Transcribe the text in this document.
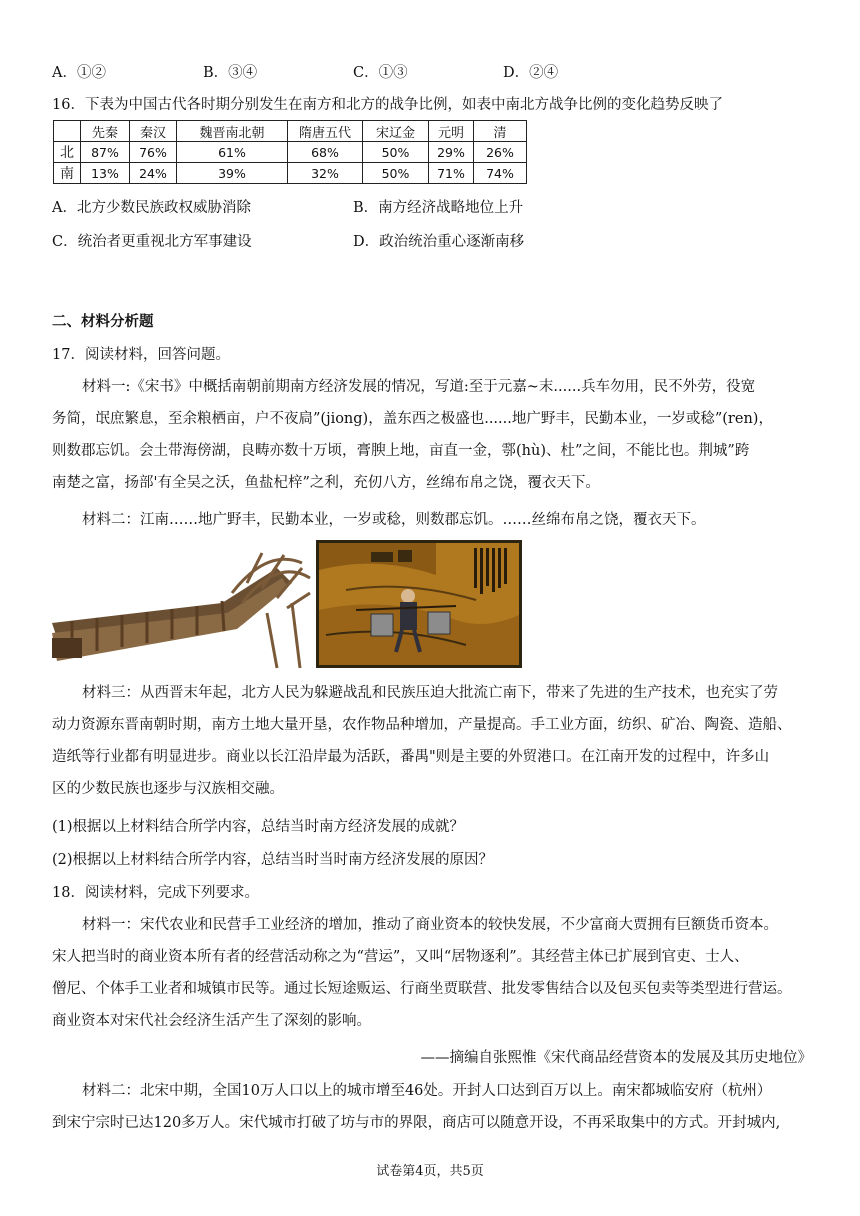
A．①②	B．③④	C．①③	D．②④
16．下表为中国古代各时期分别发生在南方和北方的战争比例，如表中南北方战争比例的变化趋势反映了
	先秦	秦汉	魏晋南北朝	隋唐五代	宋辽金	元明	清
北	87%	76%	61%	68%	50%	29%	26%
南	13%	24%	39%	32%	50%	71%	74%
A．北方少数民族政权威胁消除	B．南方经济战略地位上升
C．统治者更重视北方军事建设	D．政治统治重心逐渐南移
二、材料分析题
17．阅读材料，回答问题。
材料一:《宋书》中概括南朝前期南方经济发展的情况，写道:至于元嘉~末......兵车勿用，民不外劳，役宽
务简，氓庶繁息，至余粮栖亩，户不夜扃”(jiong)，盖东西之极盛也......地广野丰，民勤本业，一岁或稔”(ren)，
则数郡忘饥。会土带海傍湖，良畴亦数十万顷，膏腴上地，亩直一金，鄠(hù)、杜”之间，不能比也。荆城”跨
南楚之富，扬部'有全吴之沃，鱼盐杞梓”之利，充仞八方，丝绵布帛之饶，覆衣天下。
材料二：江南……地广野丰，民勤本业，一岁或稔，则数郡忘饥。……丝绵布帛之饶，覆衣天下。
材料三：从西晋末年起，北方人民为躲避战乱和民族压迫大批流亡南下，带来了先进的生产技术，也充实了劳
动力资源东晋南朝时期，南方土地大量开垦，农作物品种增加，产量提高。手工业方面，纺织、矿冶、陶瓷、造船、
造纸等行业都有明显进步。商业以长江沿岸最为活跃，番禺"则是主要的外贸港口。在江南开发的过程中，许多山
区的少数民族也逐步与汉族相交融。
(1)根据以上材料结合所学内容，总结当时南方经济发展的成就？
(2)根据以上材料结合所学内容，总结当时当时南方经济发展的原因？
18．阅读材料，完成下列要求。
材料一：宋代农业和民营手工业经济的增加，推动了商业资本的较快发展，不少富商大贾拥有巨额货币资本。
宋人把当时的商业资本所有者的经营活动称之为“营运”，又叫“居物逐利”。其经营主体已扩展到官吏、士人、
僧尼、个体手工业者和城镇市民等。通过长短途贩运、行商坐贾联营、批发零售结合以及包买包卖等类型进行营运。
商业资本对宋代社会经济生活产生了深刻的影响。
——摘编自张熙惟《宋代商品经营资本的发展及其历史地位》
材料二：北宋中期，全国10万人口以上的城市增至46处。开封人口达到百万以上。南宋都城临安府（杭州）
到宋宁宗时已达120多万人。宋代城市打破了坊与市的界限，商店可以随意开设，不再采取集中的方式。开封城内,
试卷第4页，共5页
